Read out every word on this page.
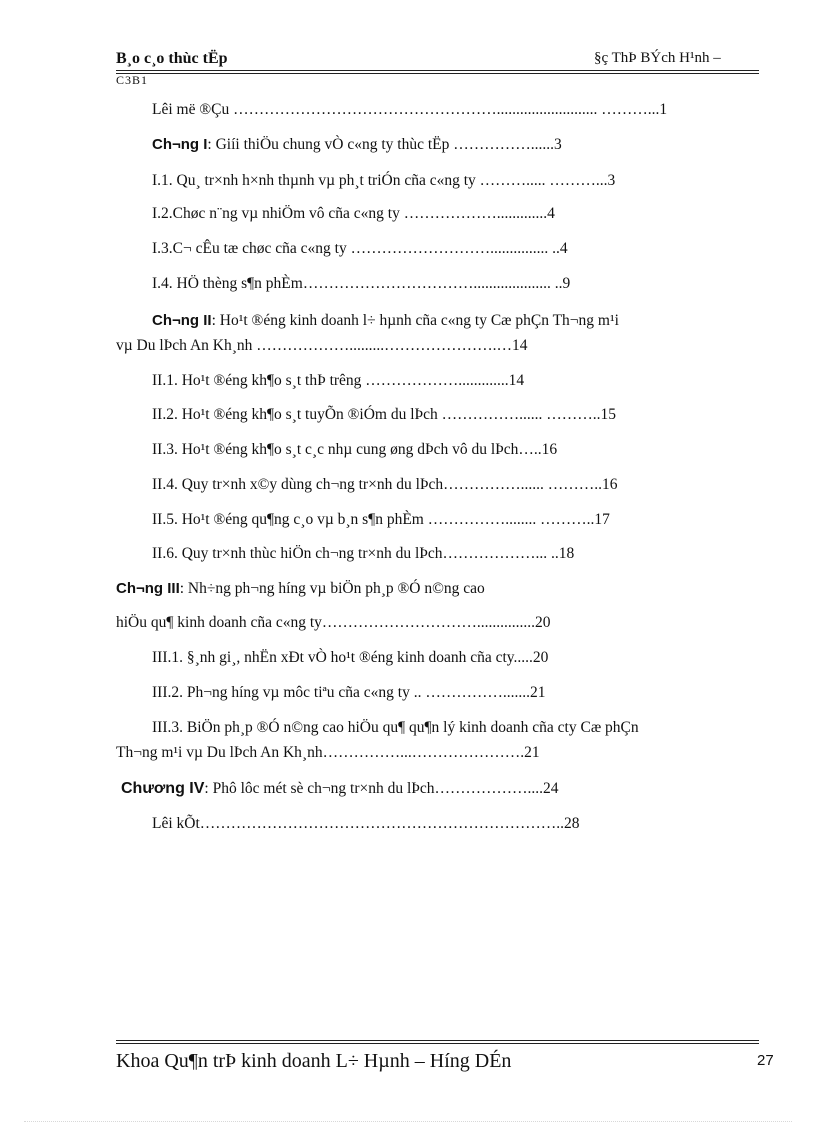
B¸o c¸o thùc tËp	§ç ThÞ BÝch H¹nh –
C3B1
Lêi më ®Çu …………………………………………….......................... ………...1
Ch¬ng I: Giíi thiÖu chung vÒ c«ng ty thùc tËp ……………......3
I.1. Qu¸ tr×nh h×nh thµnh vµ ph¸t triÓn cña c«ng ty ………..... ………...3
I.2.Chøc n¨ng vµ nhiÖm vô cña c«ng ty ……………….............4
I.3.C¬ cÊu tæ chøc cña c«ng ty ………………………............... ..4
I.4. HÖ thèng s¶n phÈm…………………………….................... ..9
Ch¬ng II: Ho¹t ®éng kinh doanh l÷ hµnh cña c«ng ty Cæ phÇn Th¬ng m¹i
vµ Du lÞch An Kh¸nh ……………….........………………….…14
II.1. Ho¹t ®éng kh¶o s¸t thÞ trêng ……………….............14
II.2. Ho¹t ®éng kh¶o s¸t tuyÕn ®iÓm du lÞch ……………...... ………..15
II.3. Ho¹t ®éng kh¶o s¸t c¸c nhµ cung øng dÞch vô du lÞch…..16
II.4. Quy tr×nh x©y dùng ch¬ng tr×nh du lÞch……………...... ………..16
II.5. Ho¹t ®éng qu¶ng c¸o vµ b¸n s¶n phÈm ……………........ ………..17
II.6. Quy tr×nh thùc hiÖn ch¬ng tr×nh du lÞch………………... ..18
Ch¬ng III: Nh÷ng ph¬ng híng vµ biÖn ph¸p ®Ó n©ng cao
hiÖu qu¶ kinh doanh cña c«ng ty…………………………...............20
III.1. §¸nh gi¸, nhËn xÐt vÒ ho¹t ®éng kinh doanh cña cty.....20
III.2. Ph¬ng híng vµ môc tiªu cña c«ng ty .. …………….......21
III.3. BiÖn ph¸p ®Ó n©ng cao hiÖu qu¶ qu¶n lý kinh doanh cña cty Cæ phÇn
Th¬ng m¹i vµ Du lÞch An Kh¸nh……………...………………….21
Chương IV: Phô lôc mét sè ch¬ng tr×nh du lÞch………………....24
Lêi kÕt……………………………………………………………..28
Khoa Qu¶n trÞ kinh doanh L÷ Hµnh – Híng DÉn	27
